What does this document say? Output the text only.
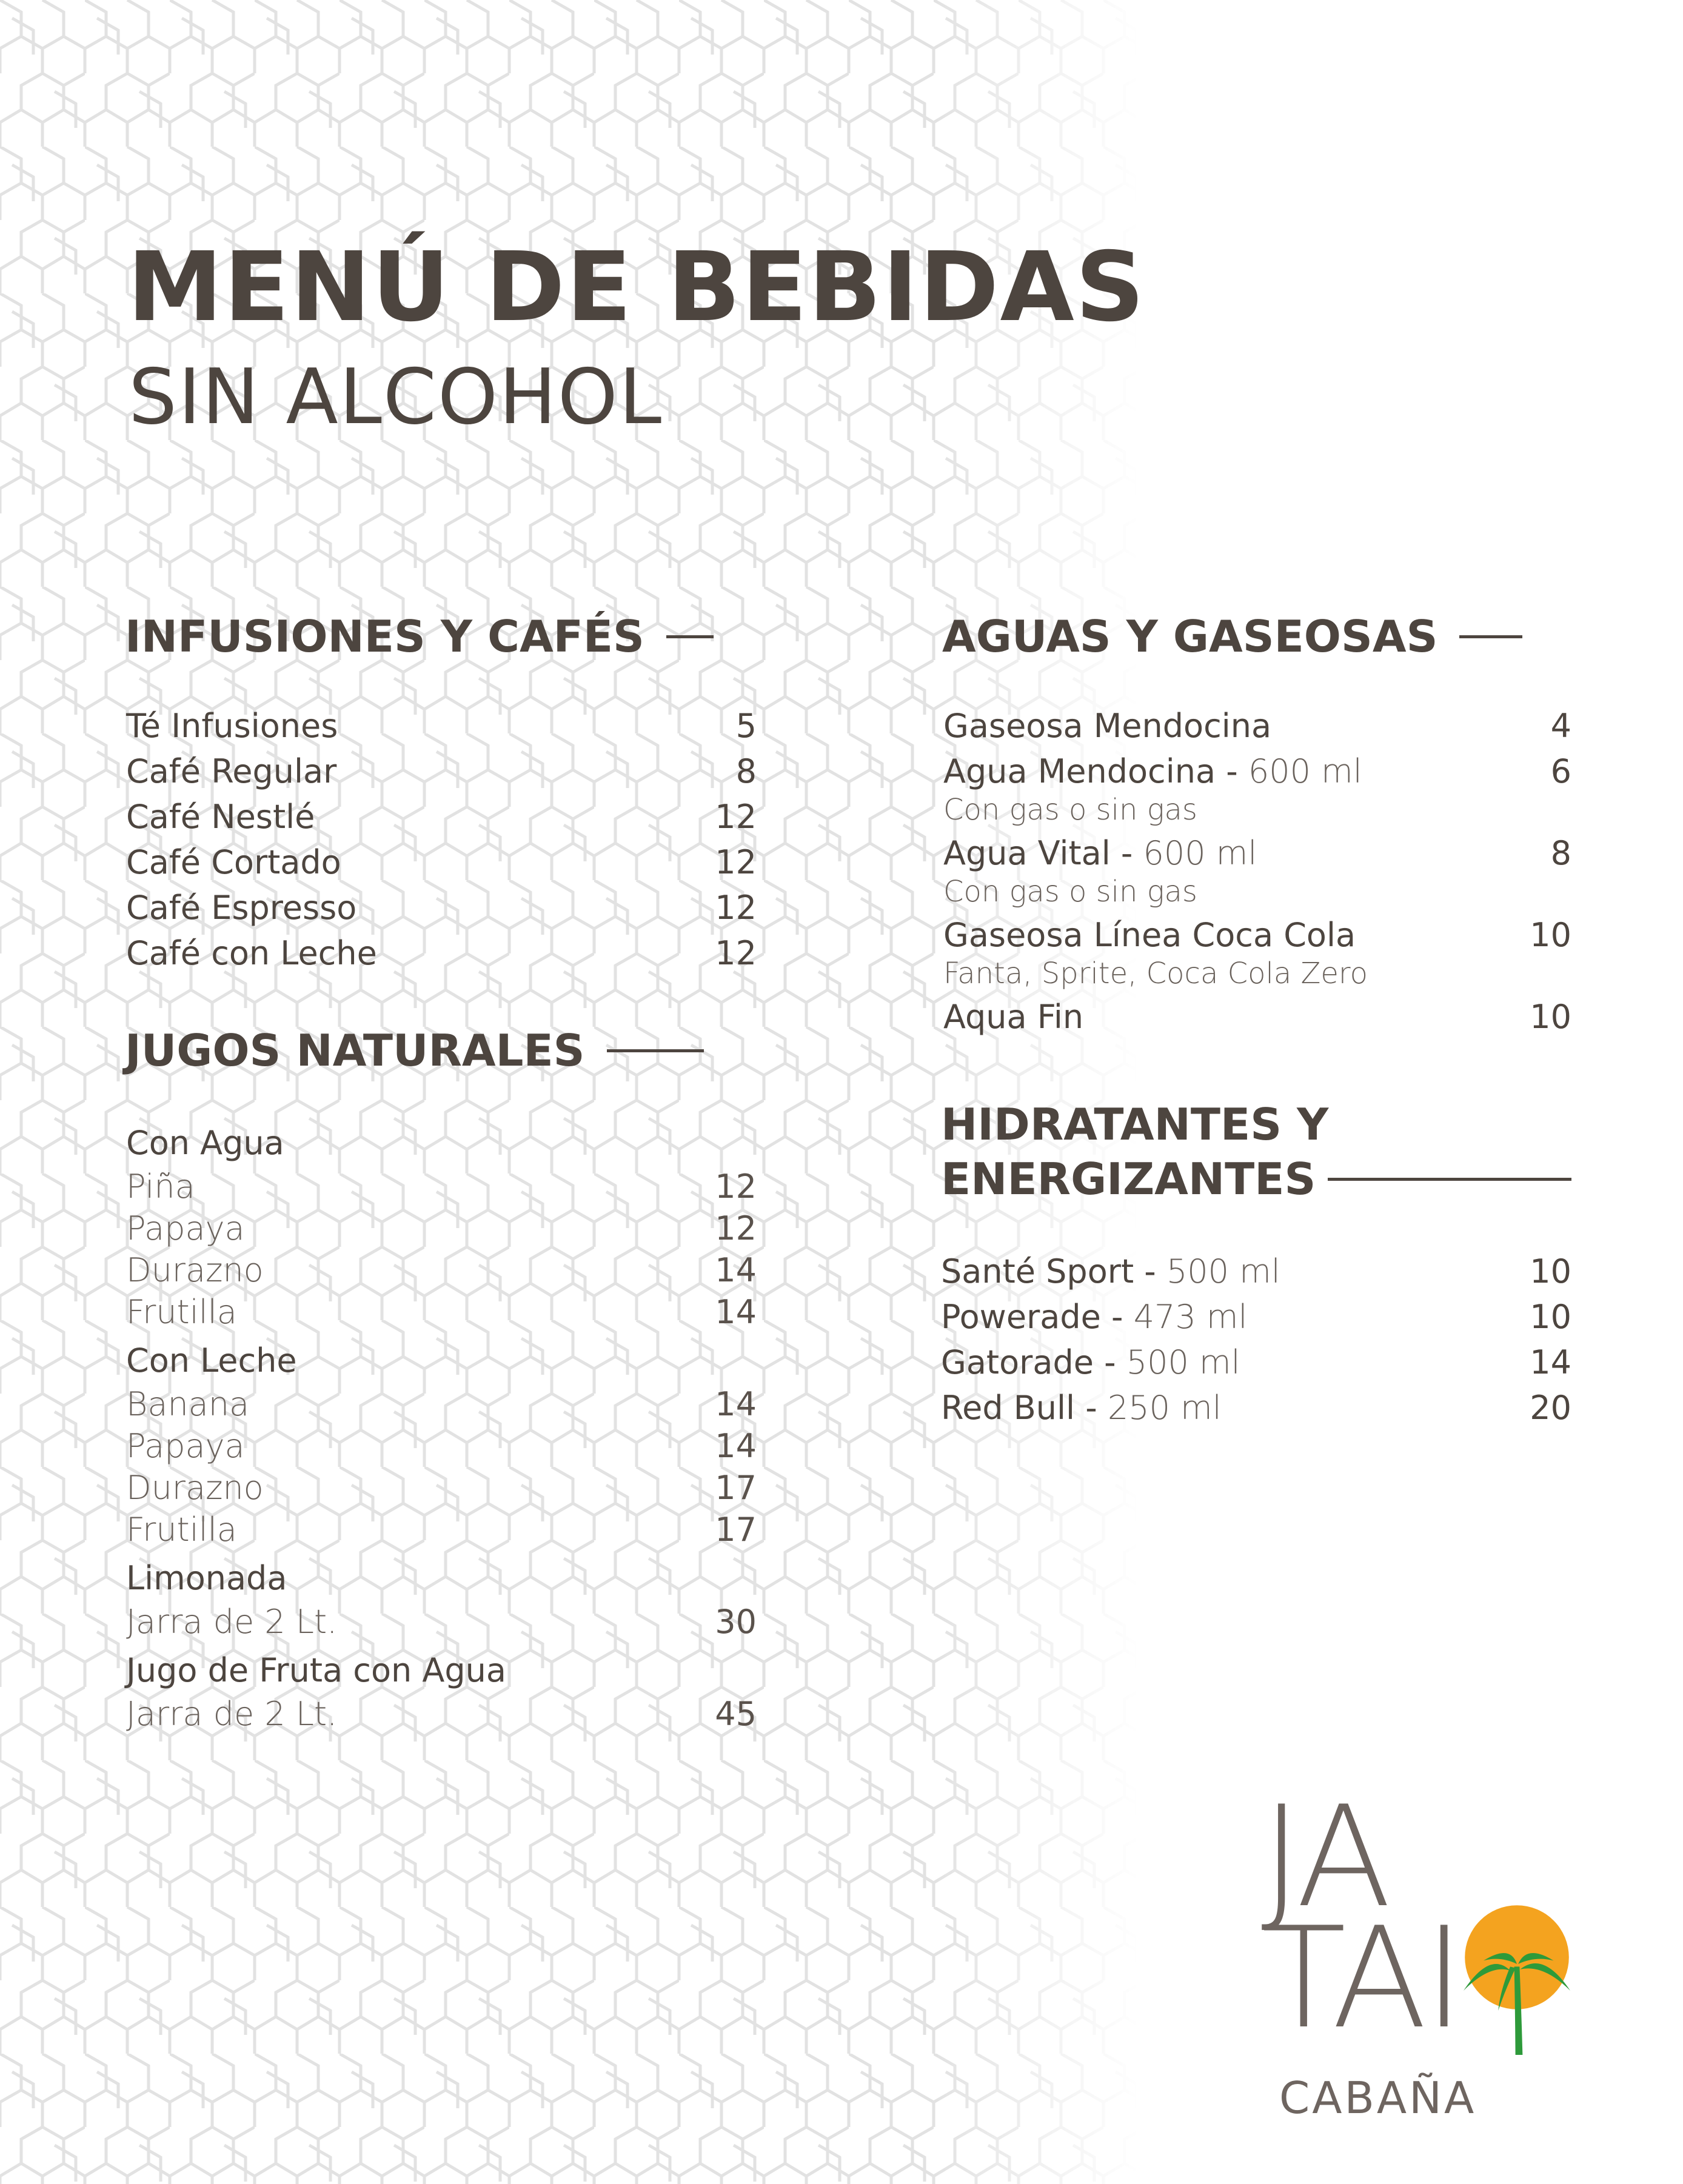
MENÚ DE BEBIDAS
SIN ALCOHOL
INFUSIONES Y CAFÉS
Té Infusiones	5
Café Regular	8
Café Nestlé	12
Café Cortado	12
Café Espresso	12
Café con Leche	12
JUGOS NATURALES
Con Agua
Piña	12
Papaya	12
Durazno	14
Frutilla	14
Con Leche
Banana	14
Papaya	14
Durazno	17
Frutilla	17
Limonada
Jarra de 2 Lt.	30
Jugo de Fruta con Agua
Jarra de 2 Lt.	45
AGUAS Y GASEOSAS
Gaseosa Mendocina	4
Agua Mendocina - 600 ml	6
Con gas o sin gas
Agua Vital - 600 ml	8
Con gas o sin gas
Gaseosa Línea Coca Cola	10
Fanta, Sprite, Coca Cola Zero
Aqua Fin	10
HIDRATANTES Y
ENERGIZANTES
Santé Sport - 500 ml	10
Powerade - 473 ml	10
Gatorade - 500 ml	14
Red Bull - 250 ml	20
JA
TAI
CABAÑA
